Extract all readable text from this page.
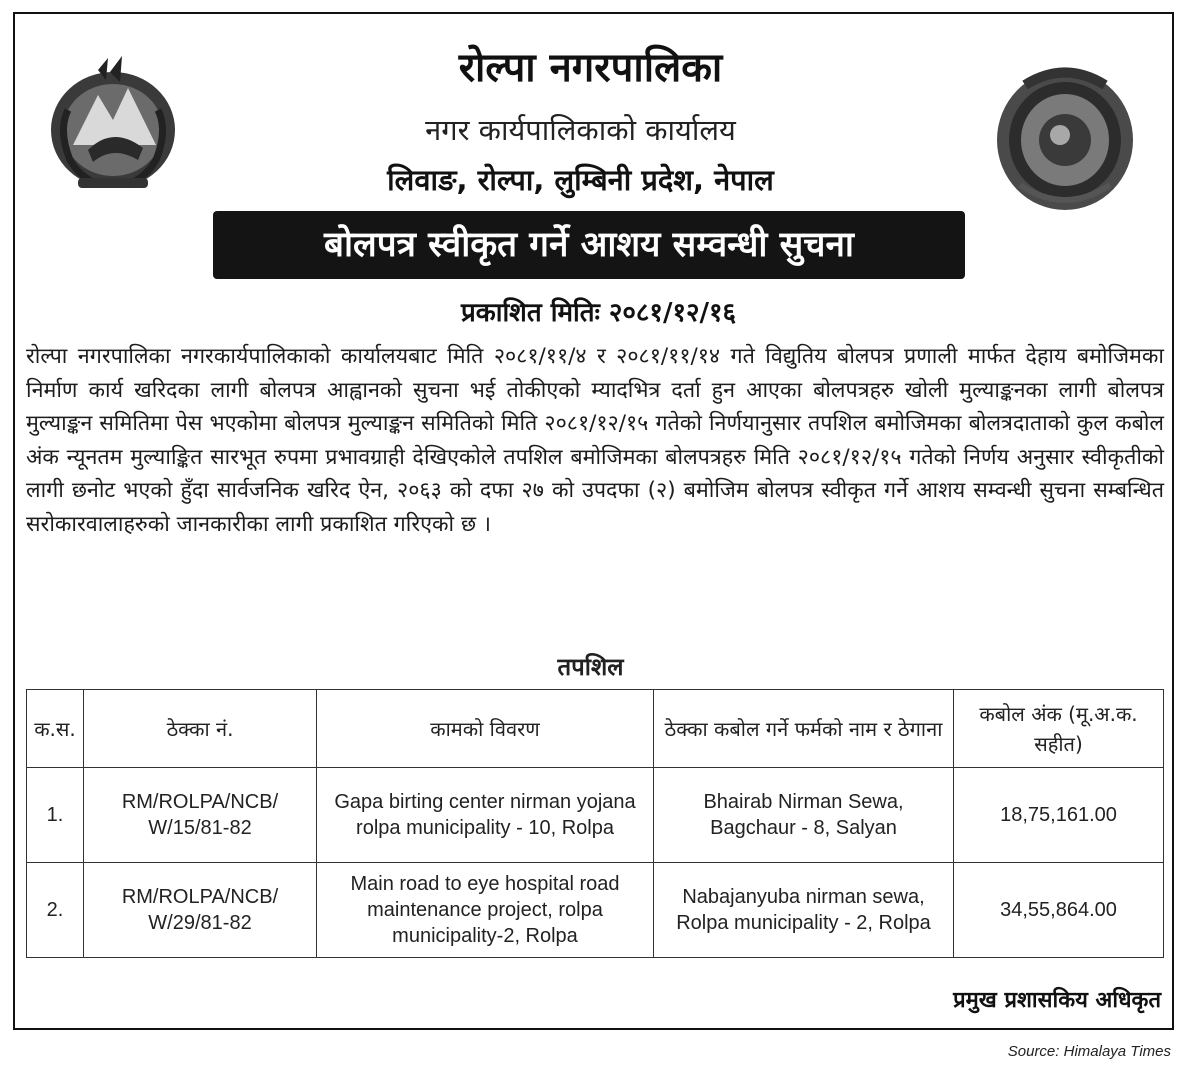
रोल्पा नगरपालिका
नगर कार्यपालिकाको कार्यालय
लिवाङ, रोल्पा, लुम्बिनी प्रदेश, नेपाल
बोलपत्र स्वीकृत गर्ने आशय सम्वन्धी सुचना
प्रकाशित मितिः २०८१/१२/१६
रोल्पा नगरपालिका नगरकार्यपालिकाको कार्यालयबाट मिति २०८१/११/४ र २०८१/११/१४ गते विद्युतिय बोलपत्र प्रणाली मार्फत देहाय बमोजिमका निर्माण कार्य खरिदका लागी बोलपत्र आह्वानको सुचना भई तोकीएको म्यादभित्र दर्ता हुन आएका बोलपत्रहरु खोली मुल्याङ्कनका लागी बोलपत्र मुल्याङ्कन समितिमा पेस भएकोमा बोलपत्र मुल्याङ्कन समितिको मिति २०८१/१२/१५ गतेको निर्णयानुसार तपशिल बमोजिमका बोलत्रदाताको कुल कबोल अंक न्यूनतम मुल्याङ्कित सारभूत रुपमा प्रभावग्राही देखिएकोले तपशिल बमोजिमका बोलपत्रहरु मिति २०८१/१२/१५ गतेको निर्णय अनुसार स्वीकृतीको लागी छनोट भएको हुँदा सार्वजनिक खरिद ऐन, २०६३ को दफा २७ को उपदफा (२) बमोजिम बोलपत्र स्वीकृत गर्ने आशय सम्वन्धी सुचना सम्बन्धित सरोकारवालाहरुको जानकारीका लागी प्रकाशित गरिएको छ ।
तपशिल
क.स.	ठेक्का नं.	कामको विवरण	ठेक्का कबोल गर्ने फर्मको नाम र ठेगाना	कबोल अंक (मू.अ.क. सहीत)
1.	RM/ROLPA/NCB/ W/15/81-82	Gapa birting center nirman yojana rolpa municipality - 10, Rolpa	Bhairab Nirman Sewa, Bagchaur - 8, Salyan	18,75,161.00
2.	RM/ROLPA/NCB/ W/29/81-82	Main road to eye hospital road maintenance project, rolpa municipality-2, Rolpa	Nabajanyuba nirman sewa, Rolpa municipality - 2, Rolpa	34,55,864.00
प्रमुख प्रशासकिय अधिकृत
Source: Himalaya Times
